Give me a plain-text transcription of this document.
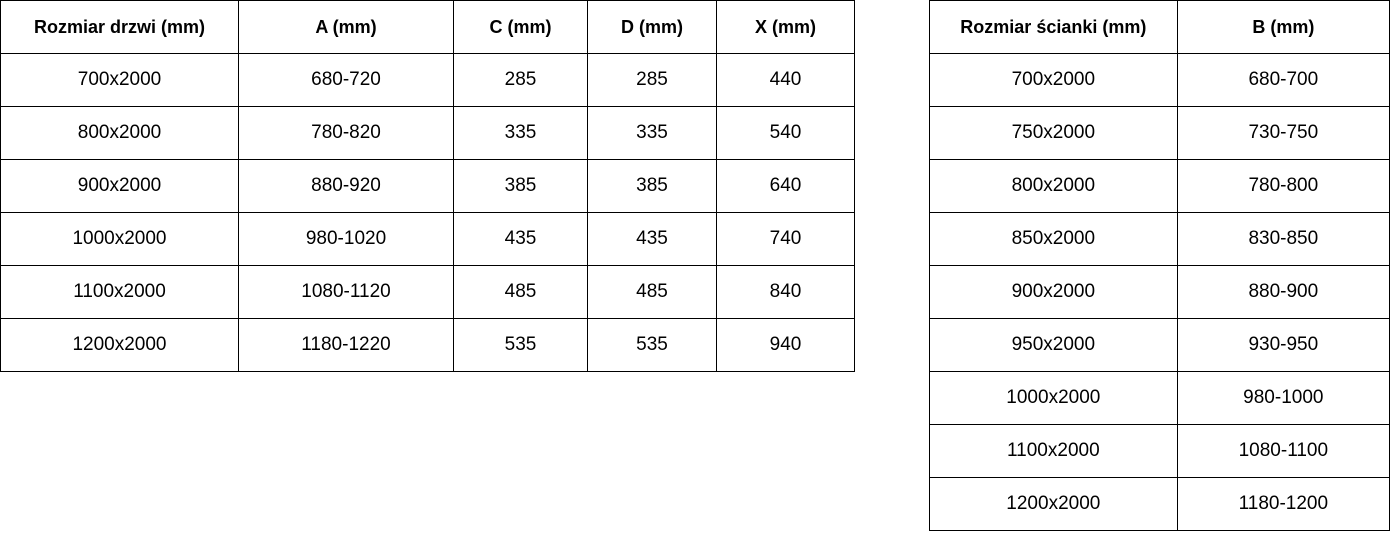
Rozmiar drzwi (mm)	A (mm)	C (mm)	D (mm)	X (mm)
700x2000	680-720	285	285	440
800x2000	780-820	335	335	540
900x2000	880-920	385	385	640
1000x2000	980-1020	435	435	740
1100x2000	1080-1120	485	485	840
1200x2000	1180-1220	535	535	940
Rozmiar ścianki (mm)	B (mm)
700x2000	680-700
750x2000	730-750
800x2000	780-800
850x2000	830-850
900x2000	880-900
950x2000	930-950
1000x2000	980-1000
1100x2000	1080-1100
1200x2000	1180-1200
